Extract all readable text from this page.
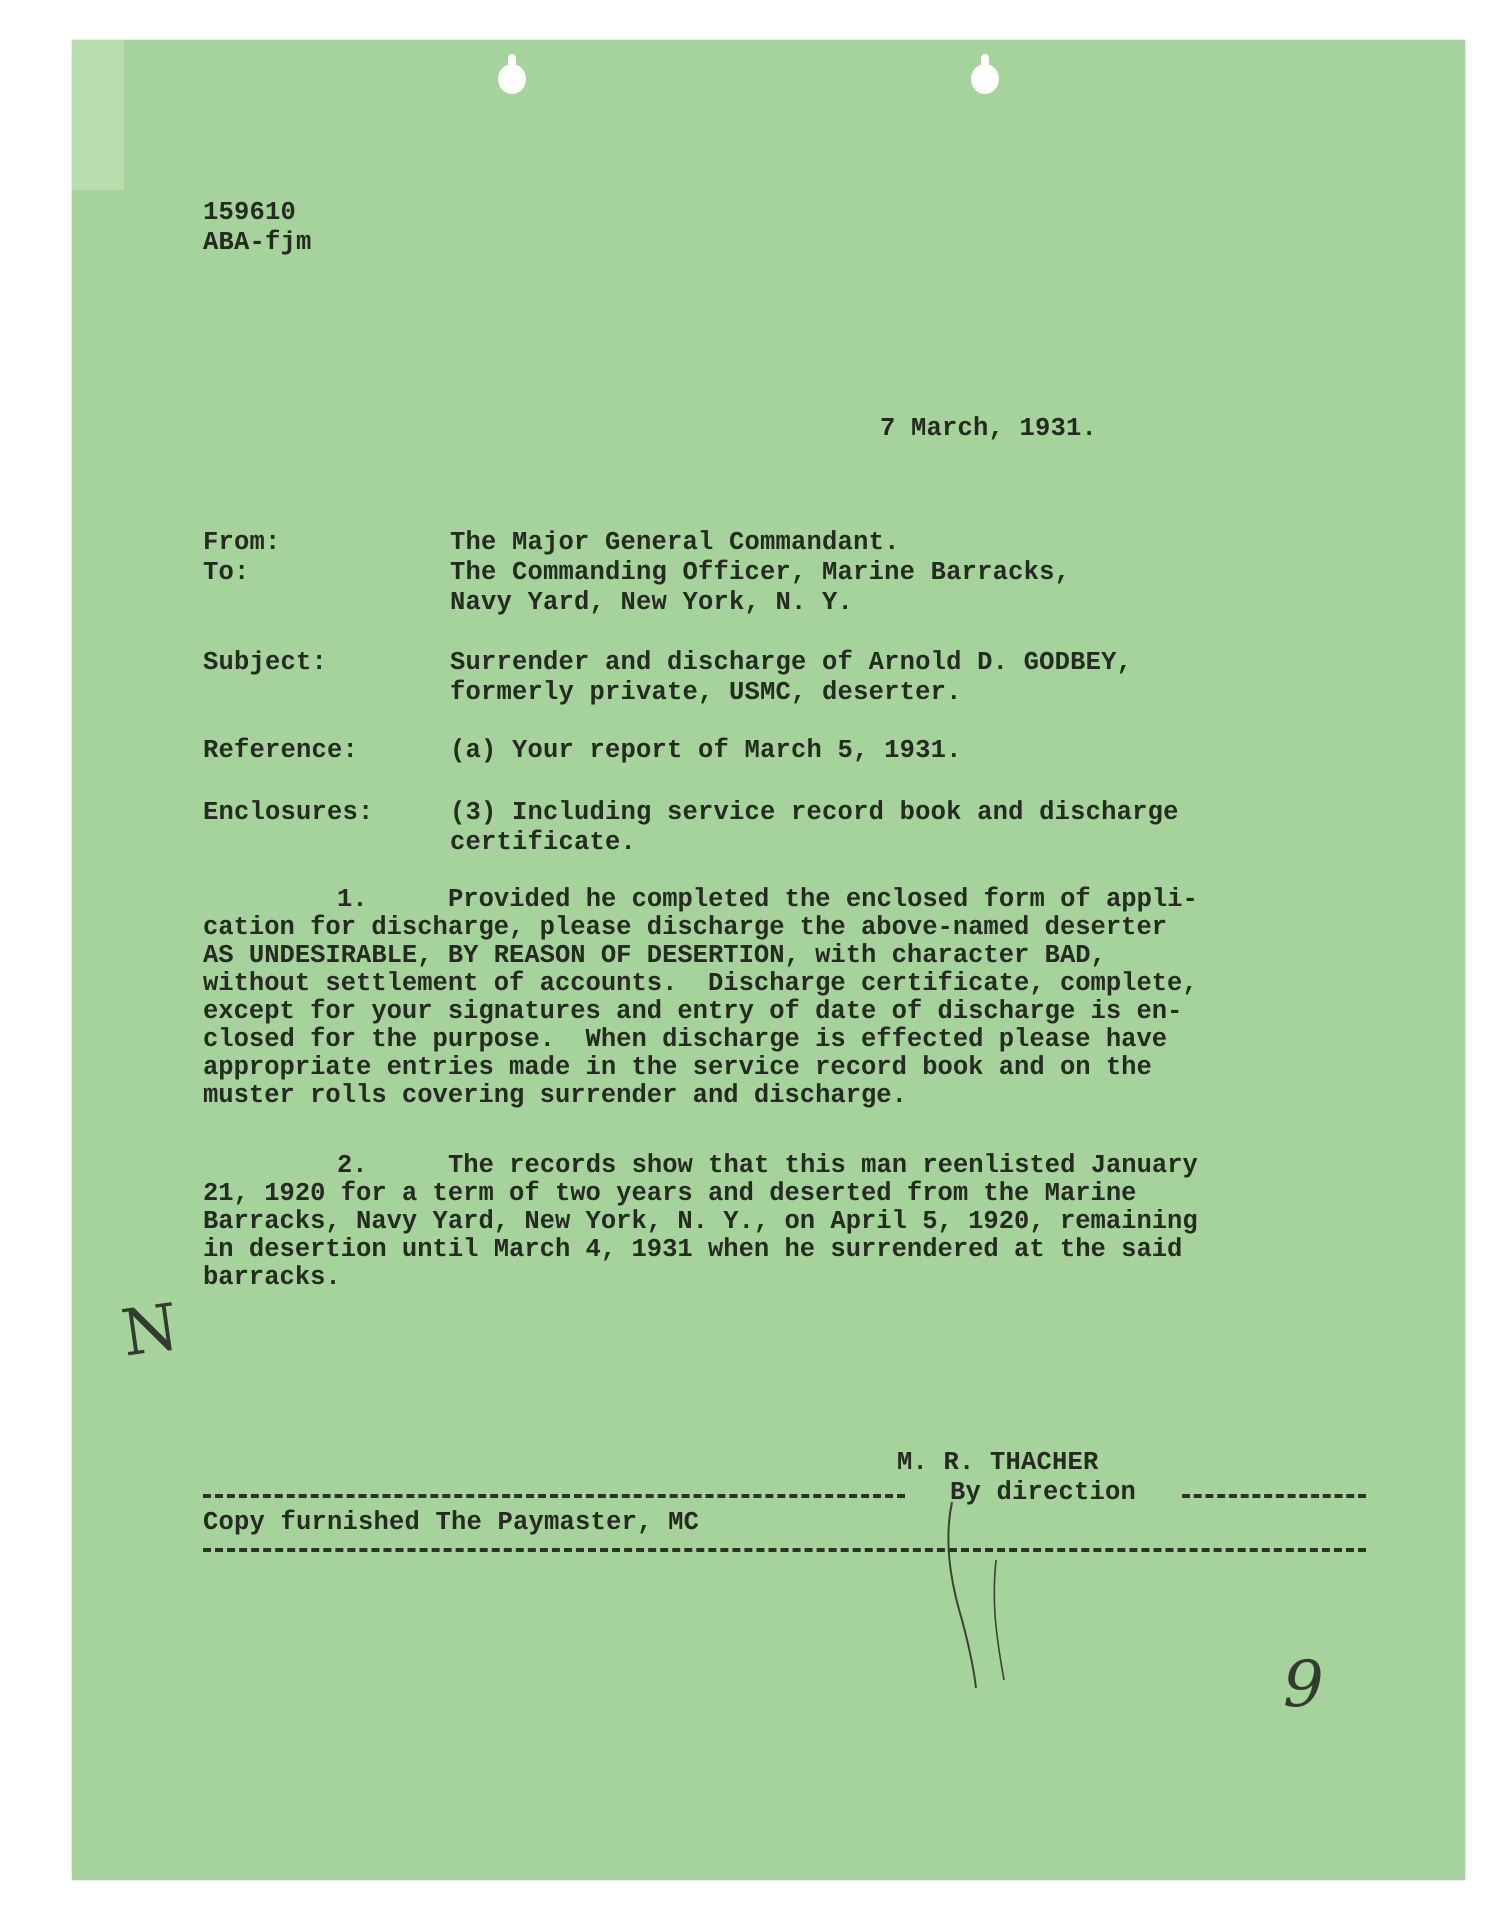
159610
ABA-fjm
7 March, 1931.
From:	The Major General Commandant.
To:	The Commanding Officer, Marine Barracks,
Navy Yard, New York, N. Y.
Subject:	Surrender and discharge of Arnold D. GODBEY,
formerly private, USMC, deserter.
Reference:	(a) Your report of March 5, 1931.
Enclosures:	(3) Including service record book and discharge
certificate.
1.	Provided he completed the enclosed form of appli-
cation for discharge, please discharge the above-named deserter
AS UNDESIRABLE, BY REASON OF DESERTION, with character BAD,
without settlement of accounts.  Discharge certificate, complete,
except for your signatures and entry of date of discharge is en-
closed for the purpose.  When discharge is effected please have
appropriate entries made in the service record book and on the
muster rolls covering surrender and discharge.
2.	The records show that this man reenlisted January
21, 1920 for a term of two years and deserted from the Marine
Barracks, Navy Yard, New York, N. Y., on April 5, 1920, remaining
in desertion until March 4, 1931 when he surrendered at the said
barracks.
M. R. THACHER
By direction
Copy furnished The Paymaster, MC
N
9
